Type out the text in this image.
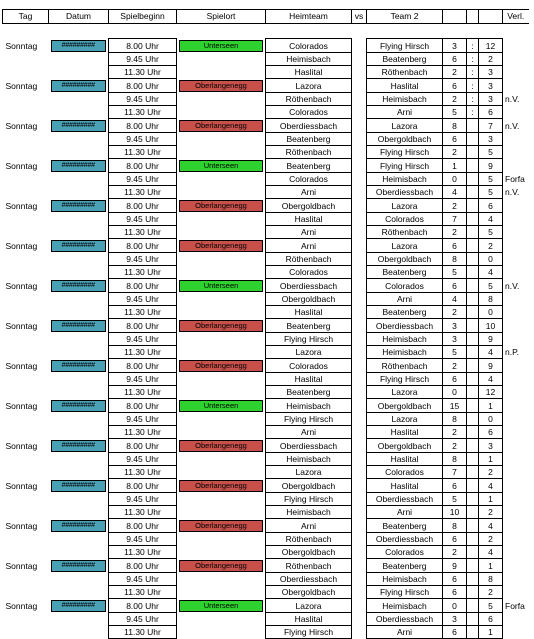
Tag	Datum	Spielbeginn	Spielort	Heimteam	vs	Team 2				Verl.

Sonntag	#########	8.00 Uhr	Unterseen	Colorados		Flying Hirsch	3	:	12	
		9.45 Uhr		Heimisbach		Beatenberg	6	:	2	
		11.30 Uhr		Haslital		Röthenbach	2	:	3	
Sonntag	#########	8.00 Uhr	Oberlangenegg	Lazora		Haslital	6	:	3	
		9.45 Uhr		Röthenbach		Heimisbach	2	:	3	n.V.
		11.30 Uhr		Colorados		Arni	5	:	6	
Sonntag	#########	8.00 Uhr	Oberlangenegg	Oberdiessbach		Lazora	8		7	n.V.
		9.45 Uhr		Beatenberg		Obergoldbach	6		3	
		11.30 Uhr		Röthenbach		Flying Hirsch	2		5	
Sonntag	#########	8.00 Uhr	Unterseen	Beatenberg		Flying Hirsch	1		9	
		9.45 Uhr		Colorados		Heimisbach	0		5	Forfa
		11.30 Uhr		Arni		Oberdiessbach	4		5	n.V.
Sonntag	#########	8.00 Uhr	Oberlangenegg	Obergoldbach		Lazora	2		6	
		9.45 Uhr		Haslital		Colorados	7		4	
		11.30 Uhr		Arni		Röthenbach	2		5	
Sonntag	#########	8.00 Uhr	Oberlangenegg	Arni		Lazora	6		2	
		9.45 Uhr		Röthenbach		Obergoldbach	8		0	
		11.30 Uhr		Colorados		Beatenberg	5		4	
Sonntag	#########	8.00 Uhr	Unterseen	Oberdiessbach		Colorados	6		5	n.V.
		9.45 Uhr		Obergoldbach		Arni	4		8	
		11.30 Uhr		Haslital		Beatenberg	2		0	
Sonntag	#########	8.00 Uhr	Oberlangenegg	Beatenberg		Oberdiessbach	3		10	
		9.45 Uhr		Flying Hirsch		Heimisbach	3		9	
		11.30 Uhr		Lazora		Heimisbach	5		4	n.P.
Sonntag	#########	8.00 Uhr	Oberlangenegg	Colorados		Röthenbach	2		9	
		9.45 Uhr		Haslital		Flying Hirsch	6		4	
		11.30 Uhr		Beatenberg		Lazora	0		12	
Sonntag	#########	8.00 Uhr	Unterseen	Heimisbach		Obergoldbach	15		1	
		9.45 Uhr		Flying Hirsch		Lazora	8		0	
		11.30 Uhr		Arni		Haslital	2		6	
Sonntag	#########	8.00 Uhr	Oberlangenegg	Oberdiessbach		Obergoldbach	2		3	
		9.45 Uhr		Heimisbach		Haslital	8		1	
		11.30 Uhr		Lazora		Colorados	7		2	
Sonntag	#########	8.00 Uhr	Oberlangenegg	Obergoldbach		Haslital	6		4	
		9.45 Uhr		Flying Hirsch		Oberdiessbach	5		1	
		11.30 Uhr		Heimisbach		Arni	10		2	
Sonntag	#########	8.00 Uhr	Oberlangenegg	Arni		Beatenberg	8		4	
		9.45 Uhr		Röthenbach		Oberdiessbach	6		2	
		11.30 Uhr		Obergoldbach		Colorados	2		4	
Sonntag	#########	8.00 Uhr	Oberlangenegg	Röthenbach		Beatenberg	9		1	
		9.45 Uhr		Oberdiessbach		Heimisbach	6		8	
		11.30 Uhr		Obergoldbach		Flying Hirsch	6		2	
Sonntag	#########	8.00 Uhr	Unterseen	Lazora		Heimisbach	0		5	Forfa
		9.45 Uhr		Haslital		Oberdiessbach	3		6	
		11.30 Uhr		Flying Hirsch		Arni	6		1	
